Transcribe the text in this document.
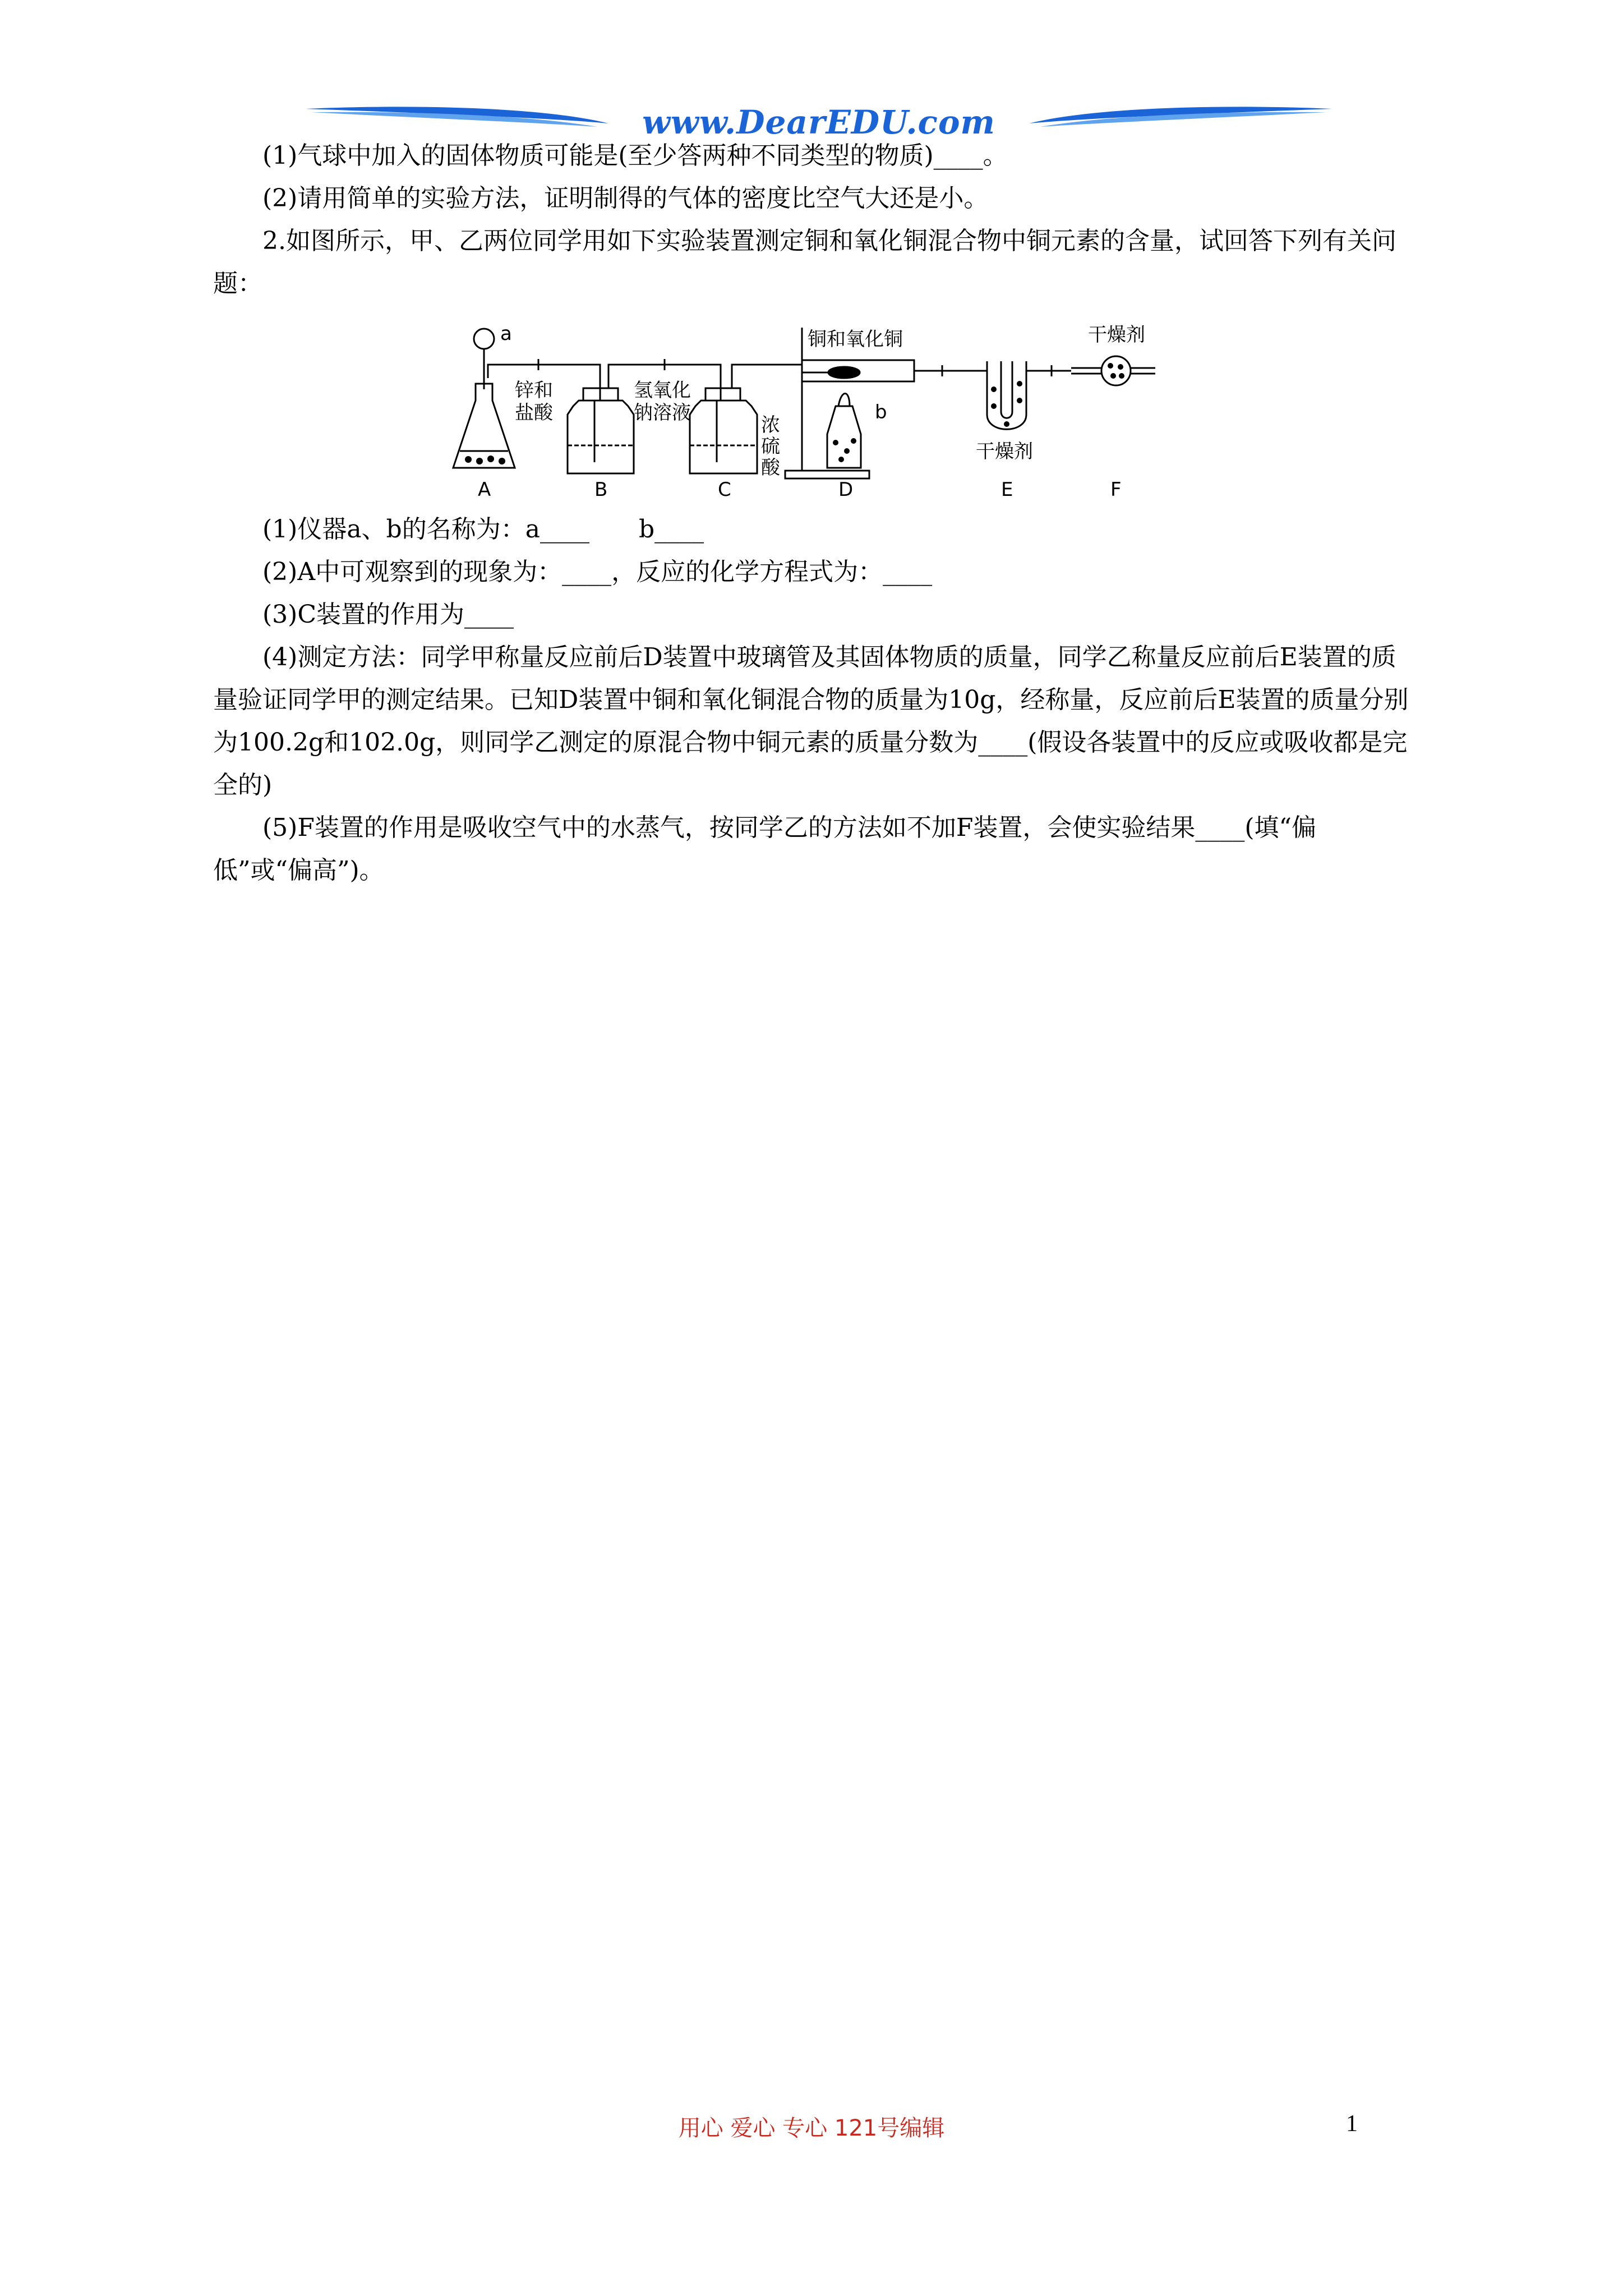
www.DearEDU.com

(1)气球中加入的固体物质可能是(至少答两种不同类型的物质)____。

(2)请用简单的实验方法，证明制得的气体的密度比空气大还是小。

2.如图所示，甲、乙两位同学用如下实验装置测定铜和氧化铜混合物中铜元素的含量，试回答下列有关问题：

a
b
锌和盐酸
氢氧化钠溶液
浓硫酸
铜和氧化铜
干燥剂
干燥剂
A	B	C	D	E	F

(1)仪器a、b的名称为：a____　　b____

(2)A中可观察到的现象为：____，反应的化学方程式为：____

(3)C装置的作用为____

(4)测定方法：同学甲称量反应前后D装置中玻璃管及其固体物质的质量，同学乙称量反应前后E装置的质量验证同学甲的测定结果。已知D装置中铜和氧化铜混合物的质量为10g，经称量，反应前后E装置的质量分别为100.2g和102.0g，则同学乙测定的原混合物中铜元素的质量分数为____(假设各装置中的反应或吸收都是完全的)

(5)F装置的作用是吸收空气中的水蒸气，按同学乙的方法如不加F装置，会使实验结果____(填“偏低”或“偏高”)。

用心 爱心 专心 121号编辑	1
